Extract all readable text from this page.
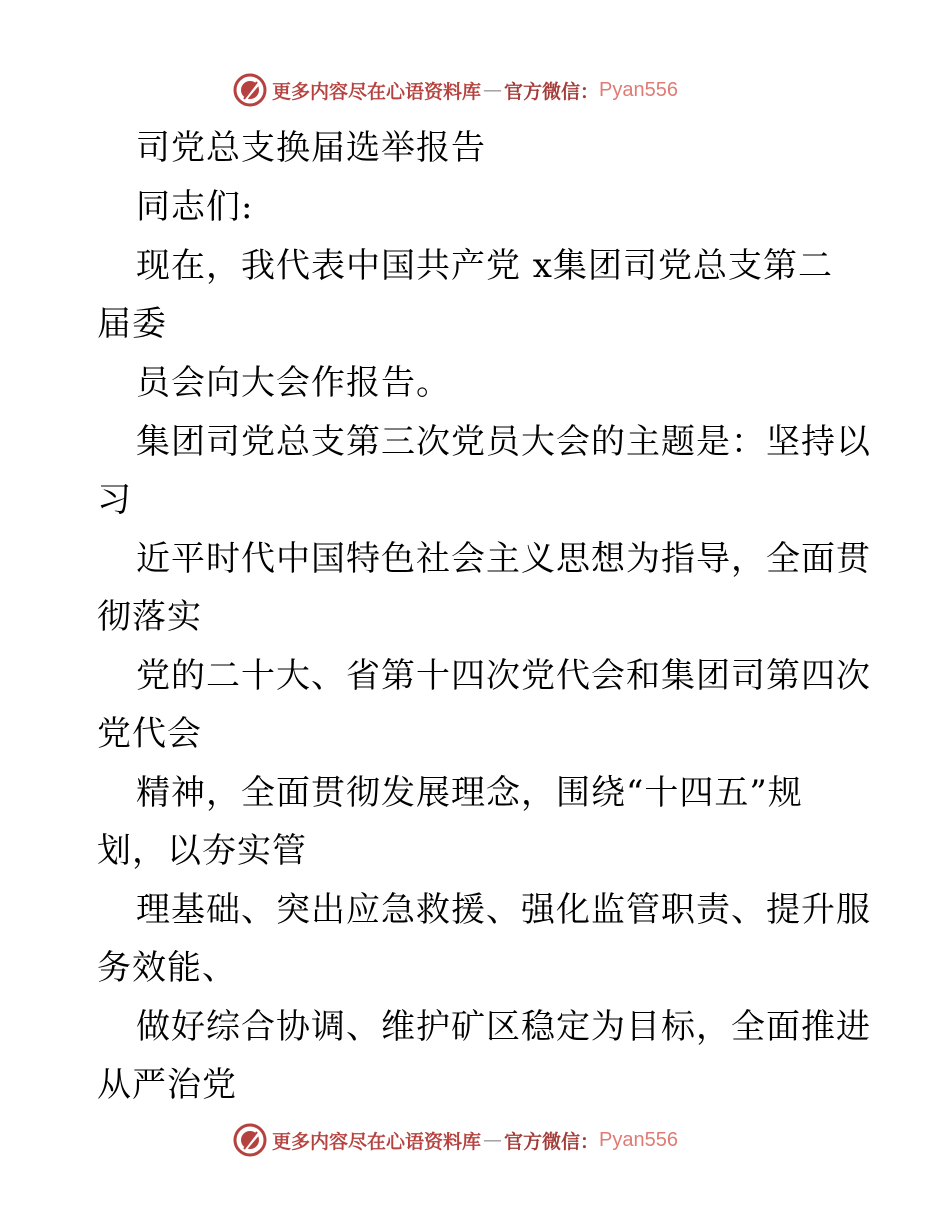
更多内容尽在心语资料库 — 官方微信： Pyan556
司党总支换届选举报告
同志们:
现在，我代表中国共产党 x集团司党总支第二
届委
员会向大会作报告。
集团司党总支第三次党员大会的主题是：坚持以
习
近平时代中国特色社会主义思想为指导，全面贯
彻落实
党的二十大、省第十四次党代会和集团司第四次
党代会
精神，全面贯彻发展理念，围绕“十四五”规
划，以夯实管
理基础、突出应急救援、强化监管职责、提升服
务效能、
做好综合协调、维护矿区稳定为目标，全面推进
从严治党
更多内容尽在心语资料库 — 官方微信： Pyan556
